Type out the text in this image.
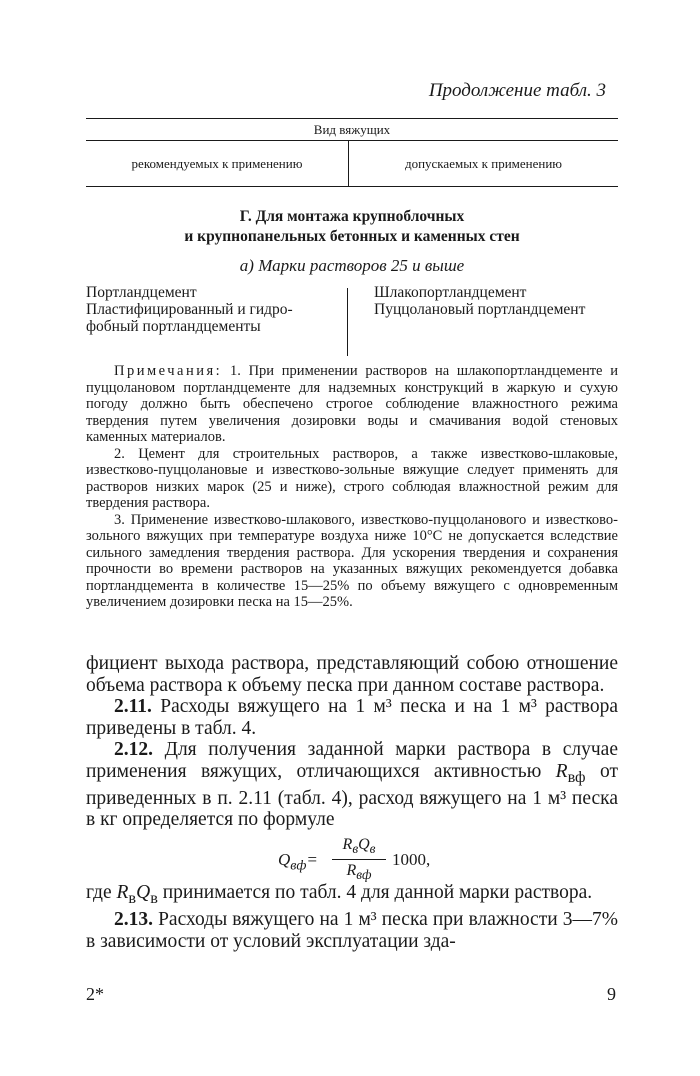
Продолжение табл. 3
Вид вяжущих
рекомендуемых к применению	допускаемых к применению
Г. Для монтажа крупноблочных
и крупнопанельных бетонных и каменных стен
а) Марки растворов 25 и выше
Портландцемент
Пластифицированный и гидро-
фобный портландцементы
Шлакопортландцемент
Пуццолановый портландцемент

Примечания: 1. При применении растворов на шлакопортландцементе и пуццолановом портландцементе для надземных конструкций в жаркую и сухую погоду должно быть обеспечено строгое соблюдение влажностного режима твердения путем увеличения дозировки воды и смачивания водой стеновых каменных материалов.

2. Цемент для строительных растворов, а также известково-шлаковые, известково-пуццолановые и известково-зольные вяжущие следует применять для растворов низких марок (25 и ниже), строго соблюдая влажностной режим для твердения раствора.

3. Применение известково-шлакового, известково-пуццоланового и известково-зольного вяжущих при температуре воздуха ниже 10°С не допускается вследствие сильного замедления твердения раствора. Для ускорения твердения и сохранения прочности во времени растворов на указанных вяжущих рекомендуется добавка портландцемента в количестве 15—25% по объему вяжущего с одновременным увеличением дозировки песка на 15—25%.

фициент выхода раствора, представляющий собою отношение объема раствора к объему песка при данном составе раствора.

2.11. Расходы вяжущего на 1 м³ песка и на 1 м³ раствора приведены в табл. 4.

2.12. Для получения заданной марки раствора в случае применения вяжущих, отличающихся активностью $R_{вф}$ от приведенных в п. 2.11 (табл. 4), расход вяжущего на 1 м³ песка в кг определяется по формуле

$Q_{вф}=$
$R_вQ_в$
$R_{вф}$
1000,

где $R_вQ_в$ принимается по табл. 4 для данной марки раствора.

2.13. Расходы вяжущего на 1 м³ песка при влажности 3—7% в зависимости от условий эксплуатации зда-

2*	9
